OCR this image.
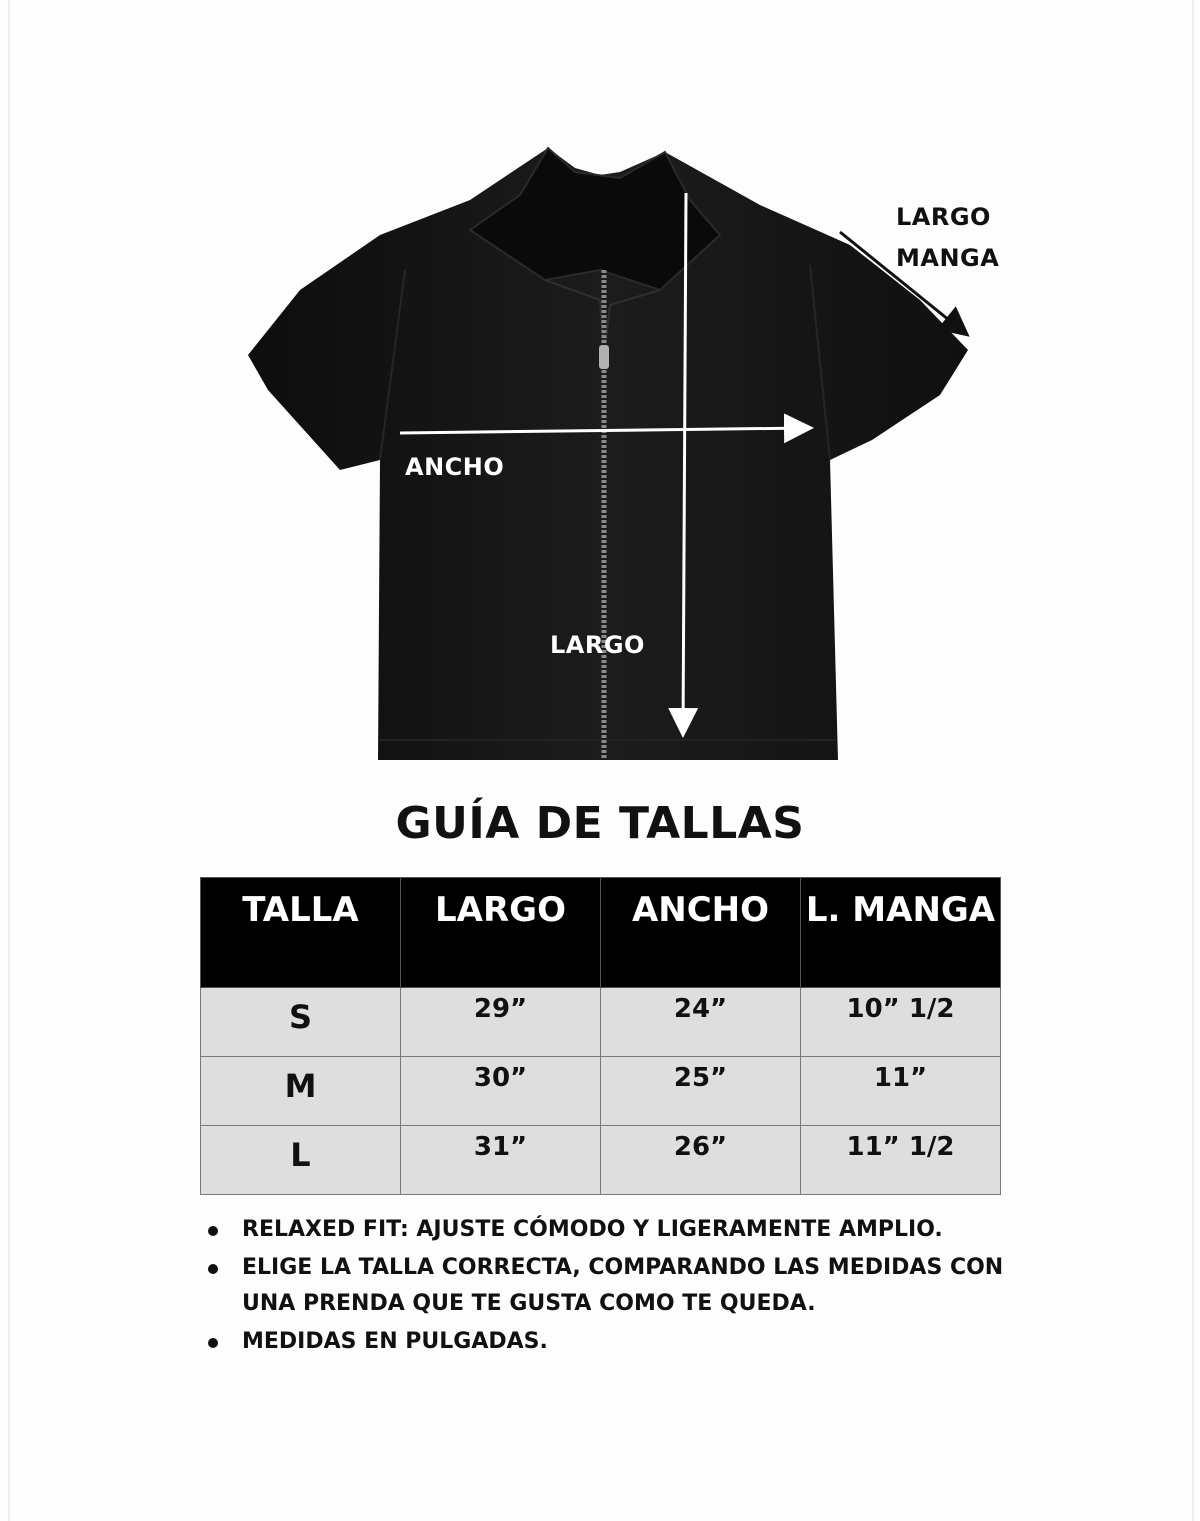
LARGO
MANGA
ANCHO
LARGO
GUÍA DE TALLAS
TALLA	LARGO	ANCHO	L. MANGA
S	29”	24”	10” 1/2
M	30”	25”	11”
L	31”	26”	11” 1/2
RELAXED FIT: AJUSTE CÓMODO Y LIGERAMENTE AMPLIO.
ELIGE LA TALLA CORRECTA, COMPARANDO LAS MEDIDAS CON UNA PRENDA QUE TE GUSTA COMO TE QUEDA.
MEDIDAS EN PULGADAS.
